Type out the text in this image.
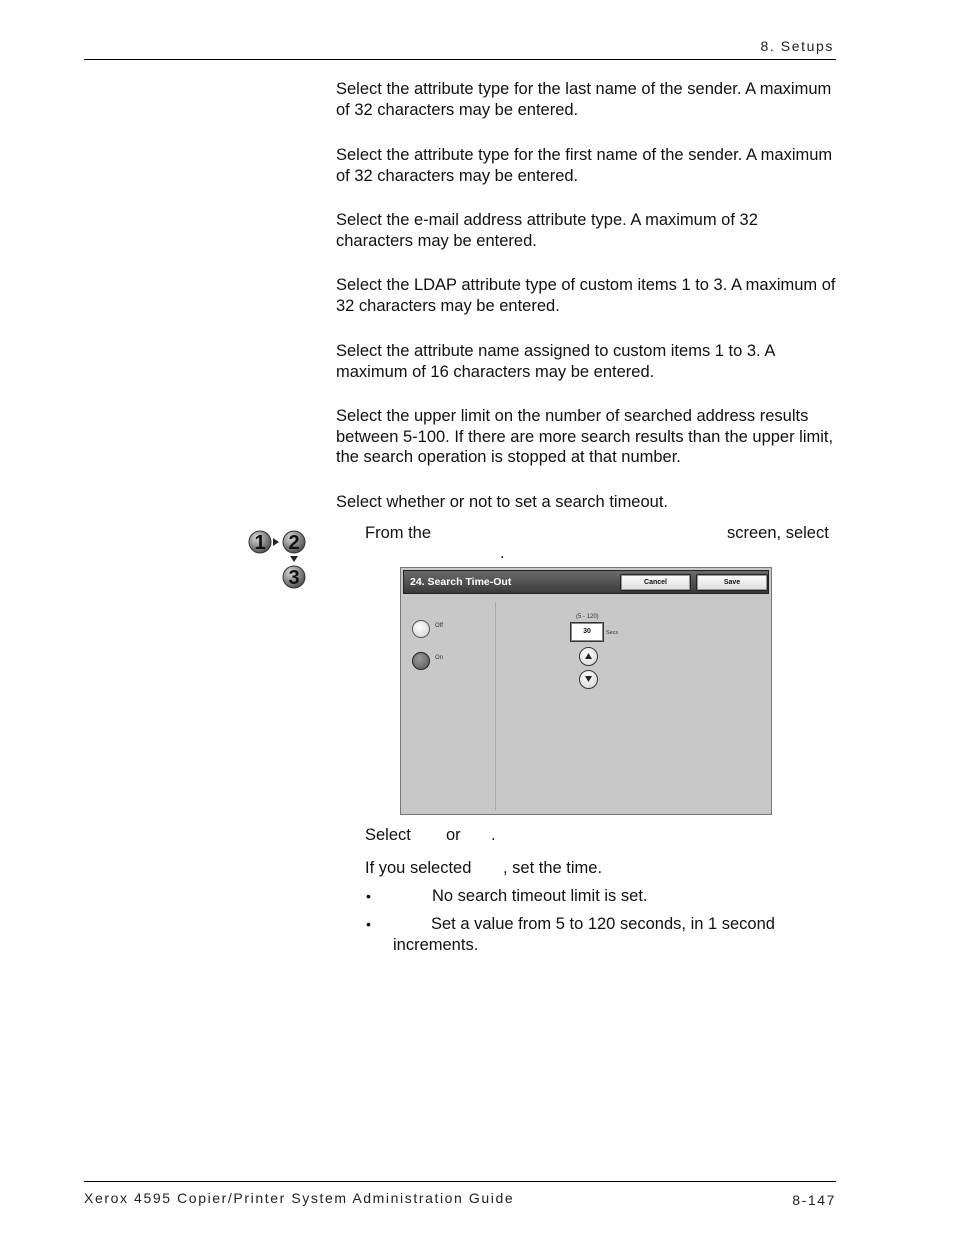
8. Setups

Select the attribute type for the last name of the sender. A maximum of 32 characters may be entered.

Select the attribute type for the first name of the sender. A maximum of 32 characters may be entered.

Select the e-mail address attribute type. A maximum of 32 characters may be entered.

Select the LDAP attribute type of custom items 1 to 3. A maximum of 32 characters may be entered.

Select the attribute name assigned to custom items 1 to 3. A maximum of 16 characters may be entered.

Select the upper limit on the number of searched address results between 5-100. If there are more search results than the upper limit, the search operation is stopped at that number.

Select whether or not to set a search timeout.

1 2
3
From the	screen, select
.
24. Search Time-Out	Cancel	Save
Off
On
(5 - 120)
30	Secs
Select or .
If you selected , set the time.
•	No search timeout limit is set.
•	Set a value from 5 to 120 seconds, in 1 second
increments.
Xerox 4595 Copier/Printer System Administration Guide	8-147
